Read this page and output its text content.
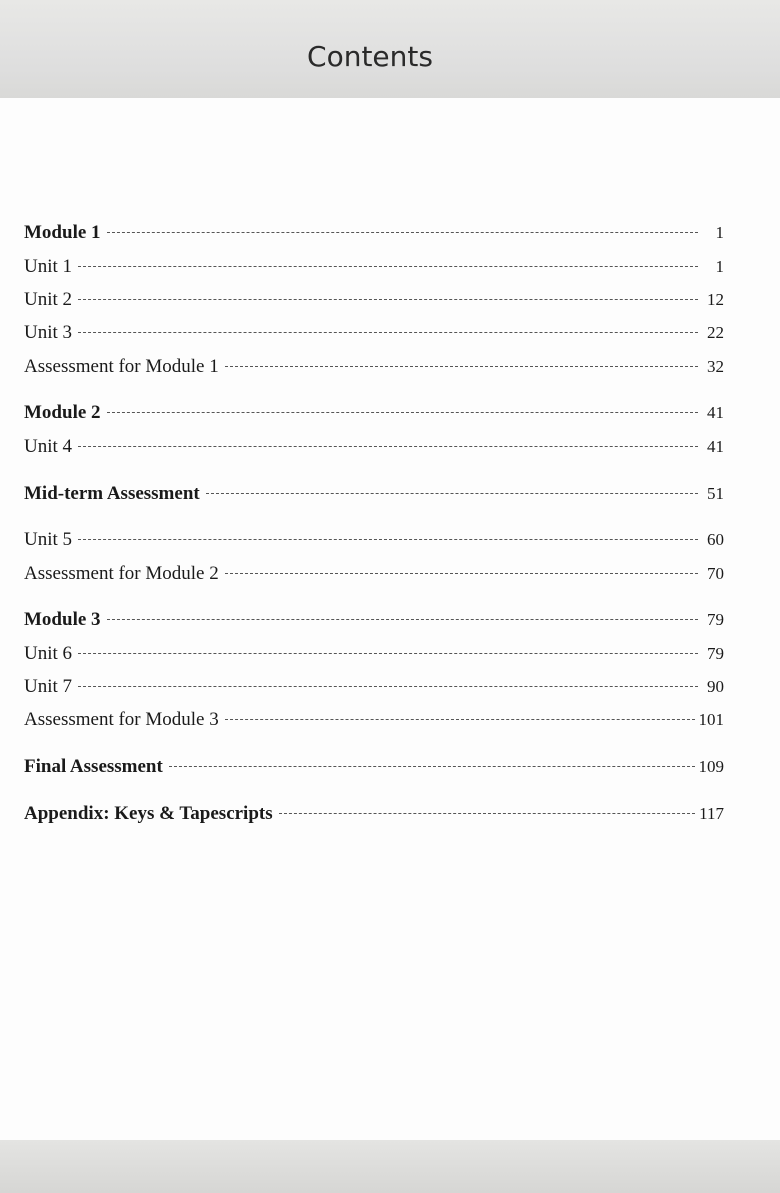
Contents
Module 1	1
Unit 1	1
Unit 2	12
Unit 3	22
Assessment for Module 1	32
Module 2	41
Unit 4	41
Mid-term Assessment	51
Unit 5	60
Assessment for Module 2	70
Module 3	79
Unit 6	79
Unit 7	90
Assessment for Module 3	101
Final Assessment	109
Appendix: Keys & Tapescripts	117
